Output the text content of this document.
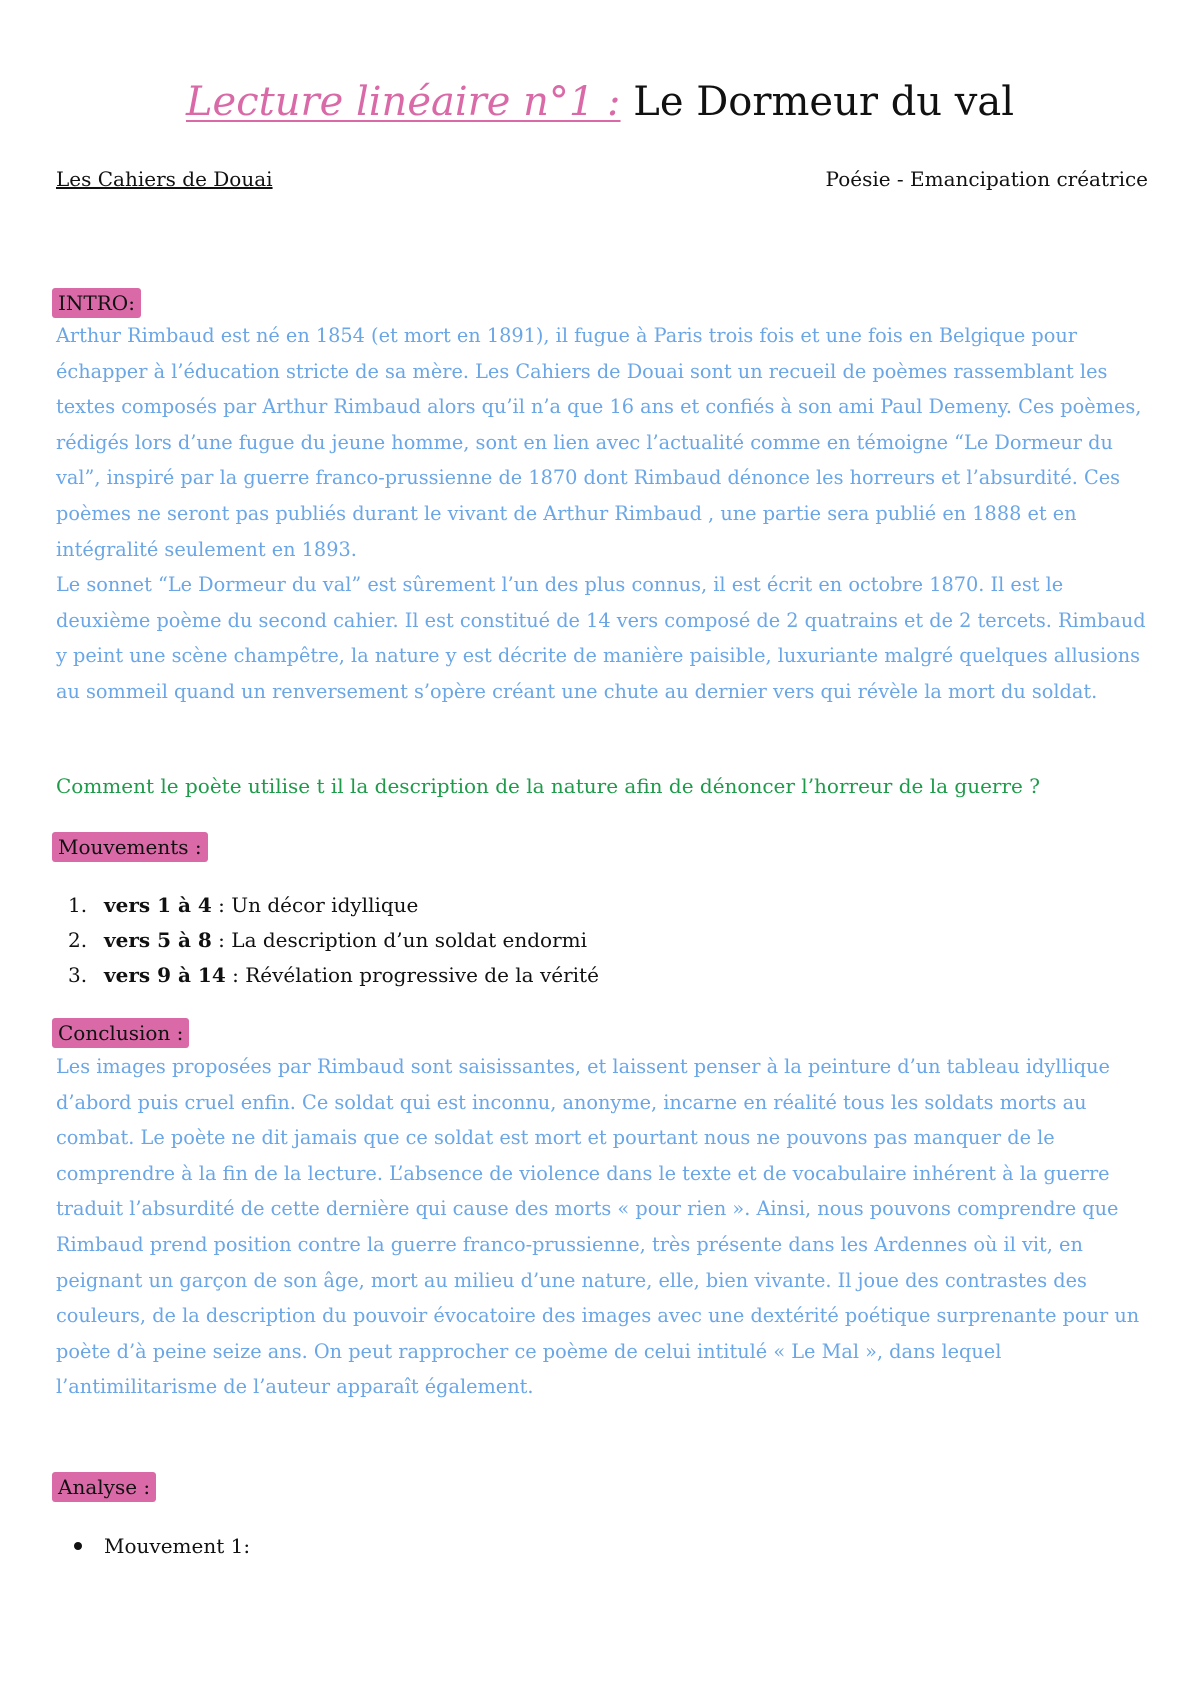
Lecture linéaire n°1 : Le Dormeur du val
Les Cahiers de Douai	Poésie - Emancipation créatrice
INTRO:

Arthur Rimbaud est né en 1854 (et mort en 1891), il fugue à Paris trois fois et une fois en Belgique pour échapper à l’éducation stricte de sa mère. Les Cahiers de Douai sont un recueil de poèmes rassemblant les textes composés par Arthur Rimbaud alors qu’il n’a que 16 ans et confiés à son ami Paul Demeny. Ces poèmes, rédigés lors d’une fugue du jeune homme, sont en lien avec l’actualité comme en témoigne “Le Dormeur du val”, inspiré par la guerre franco-prussienne de 1870 dont Rimbaud dénonce les horreurs et l’absurdité. Ces poèmes ne seront pas publiés durant le vivant de Arthur Rimbaud , une partie sera publié en 1888 et en intégralité seulement en 1893.
Le sonnet “Le Dormeur du val” est sûrement l’un des plus connus, il est écrit en octobre 1870. Il est le deuxième poème du second cahier. Il est constitué de 14 vers composé de 2 quatrains et de 2 tercets. Rimbaud y peint une scène champêtre, la nature y est décrite de manière paisible, luxuriante malgré quelques allusions au sommeil quand un renversement s’opère créant une chute au dernier vers qui révèle la mort du soldat.

Comment le poète utilise t il la description de la nature afin de dénoncer l’horreur de la guerre ?
Mouvements :
1. vers 1 à 4 : Un décor idyllique
2. vers 5 à 8 : La description d’un soldat endormi
3. vers 9 à 14 : Révélation progressive de la vérité
Conclusion :

Les images proposées par Rimbaud sont saisissantes, et laissent penser à la peinture d’un tableau idyllique d’abord puis cruel enfin. Ce soldat qui est inconnu, anonyme, incarne en réalité tous les soldats morts au combat. Le poète ne dit jamais que ce soldat est mort et pourtant nous ne pouvons pas manquer de le comprendre à la fin de la lecture. L’absence de violence dans le texte et de vocabulaire inhérent à la guerre traduit l’absurdité de cette dernière qui cause des morts « pour rien ». Ainsi, nous pouvons comprendre que Rimbaud prend position contre la guerre franco-prussienne, très présente dans les Ardennes où il vit, en peignant un garçon de son âge, mort au milieu d’une nature, elle, bien vivante. Il joue des contrastes des couleurs, de la description du pouvoir évocatoire des images avec une dextérité poétique surprenante pour un poète d’à peine seize ans. On peut rapprocher ce poème de celui intitulé « Le Mal », dans lequel l’antimilitarisme de l’auteur apparaît également.

Analyse :
Mouvement 1:
